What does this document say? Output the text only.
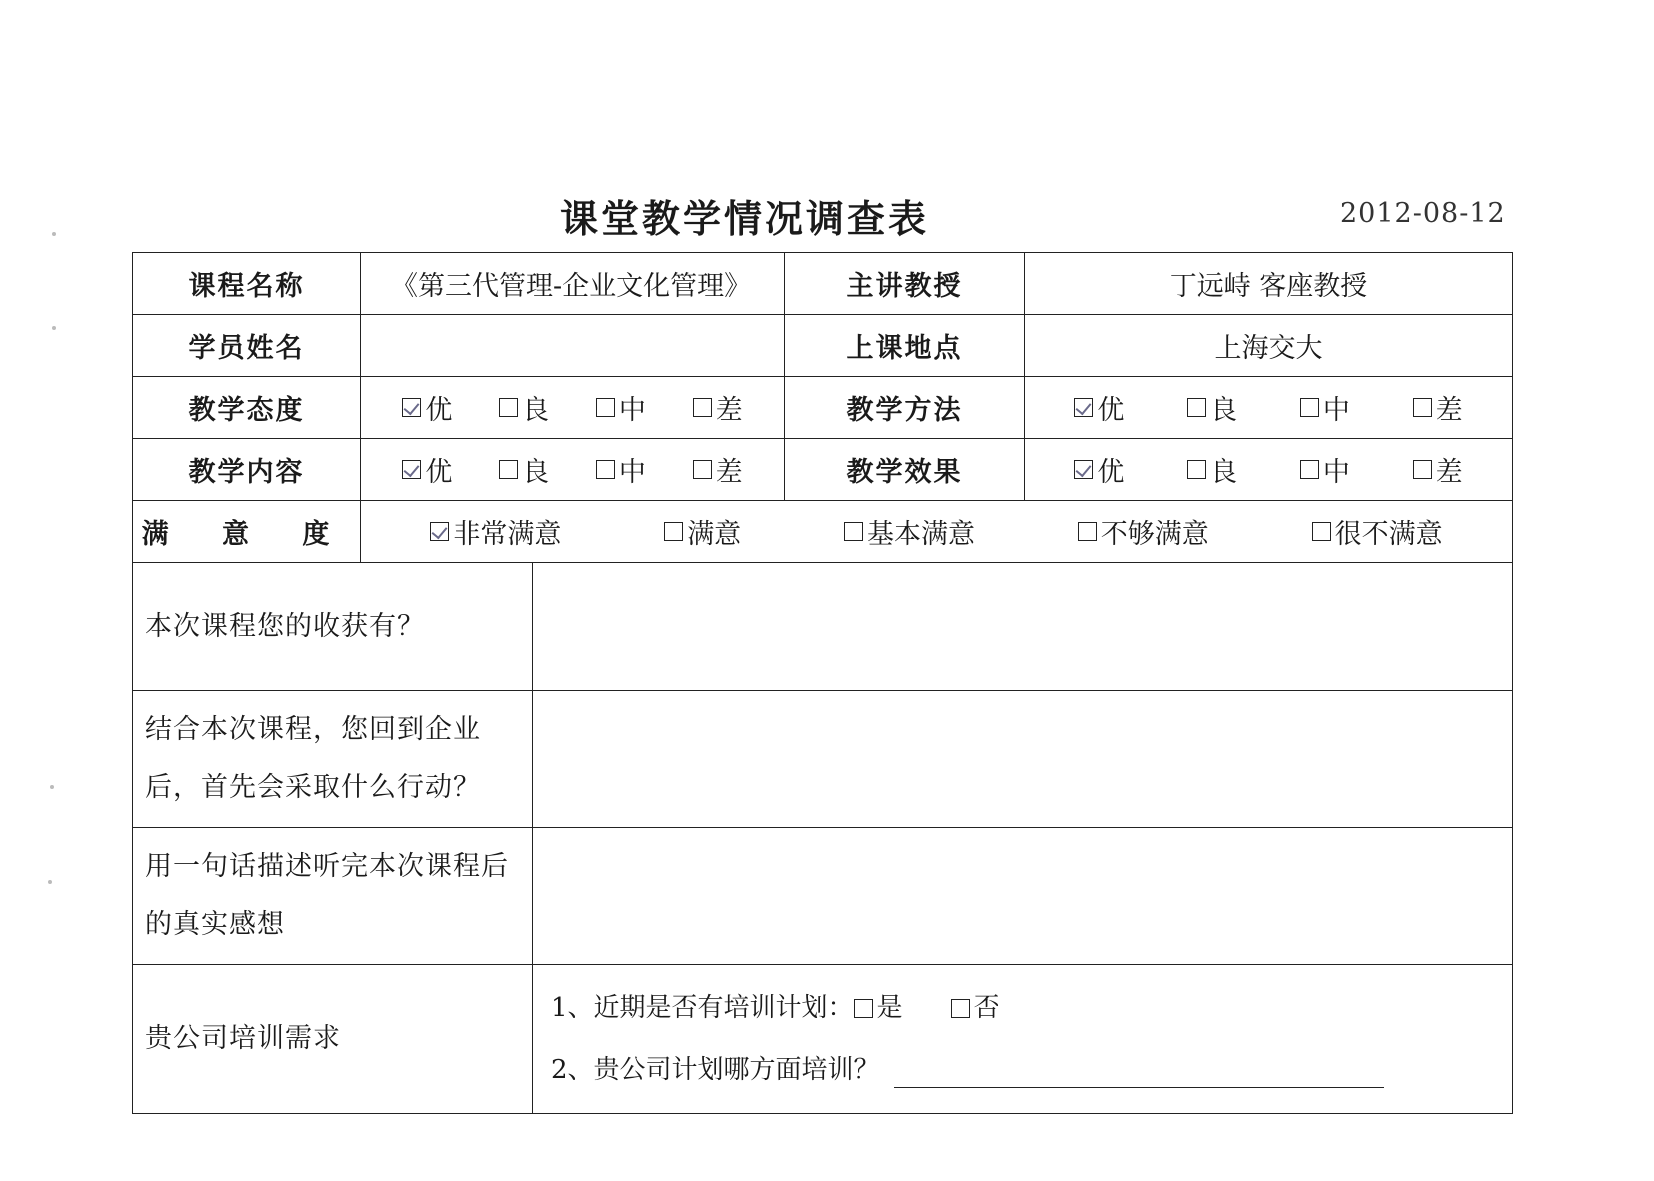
课堂教学情况调查表	2012-08-12
课程名称	《第三代管理-企业文化管理》		主讲教授	丁远峙 客座教授
学员姓名			上课地点	上海交大
教学态度	优 良 中 差		教学方法	优 良 中 差

教学内容	优 良 中 差		教学效果	优 良 中 差

满 意 度	非常满意 满意 基本满意 不够满意 很不满意			

本次课程您的收获有？				
结合本次课程，您回到企业后，首先会采取什么行动？				
用一句话描述听完本次课程后的真实感想				
贵公司培训需求		1、近期是否有培训计划： 是 否
2、贵公司计划哪方面培训？		
